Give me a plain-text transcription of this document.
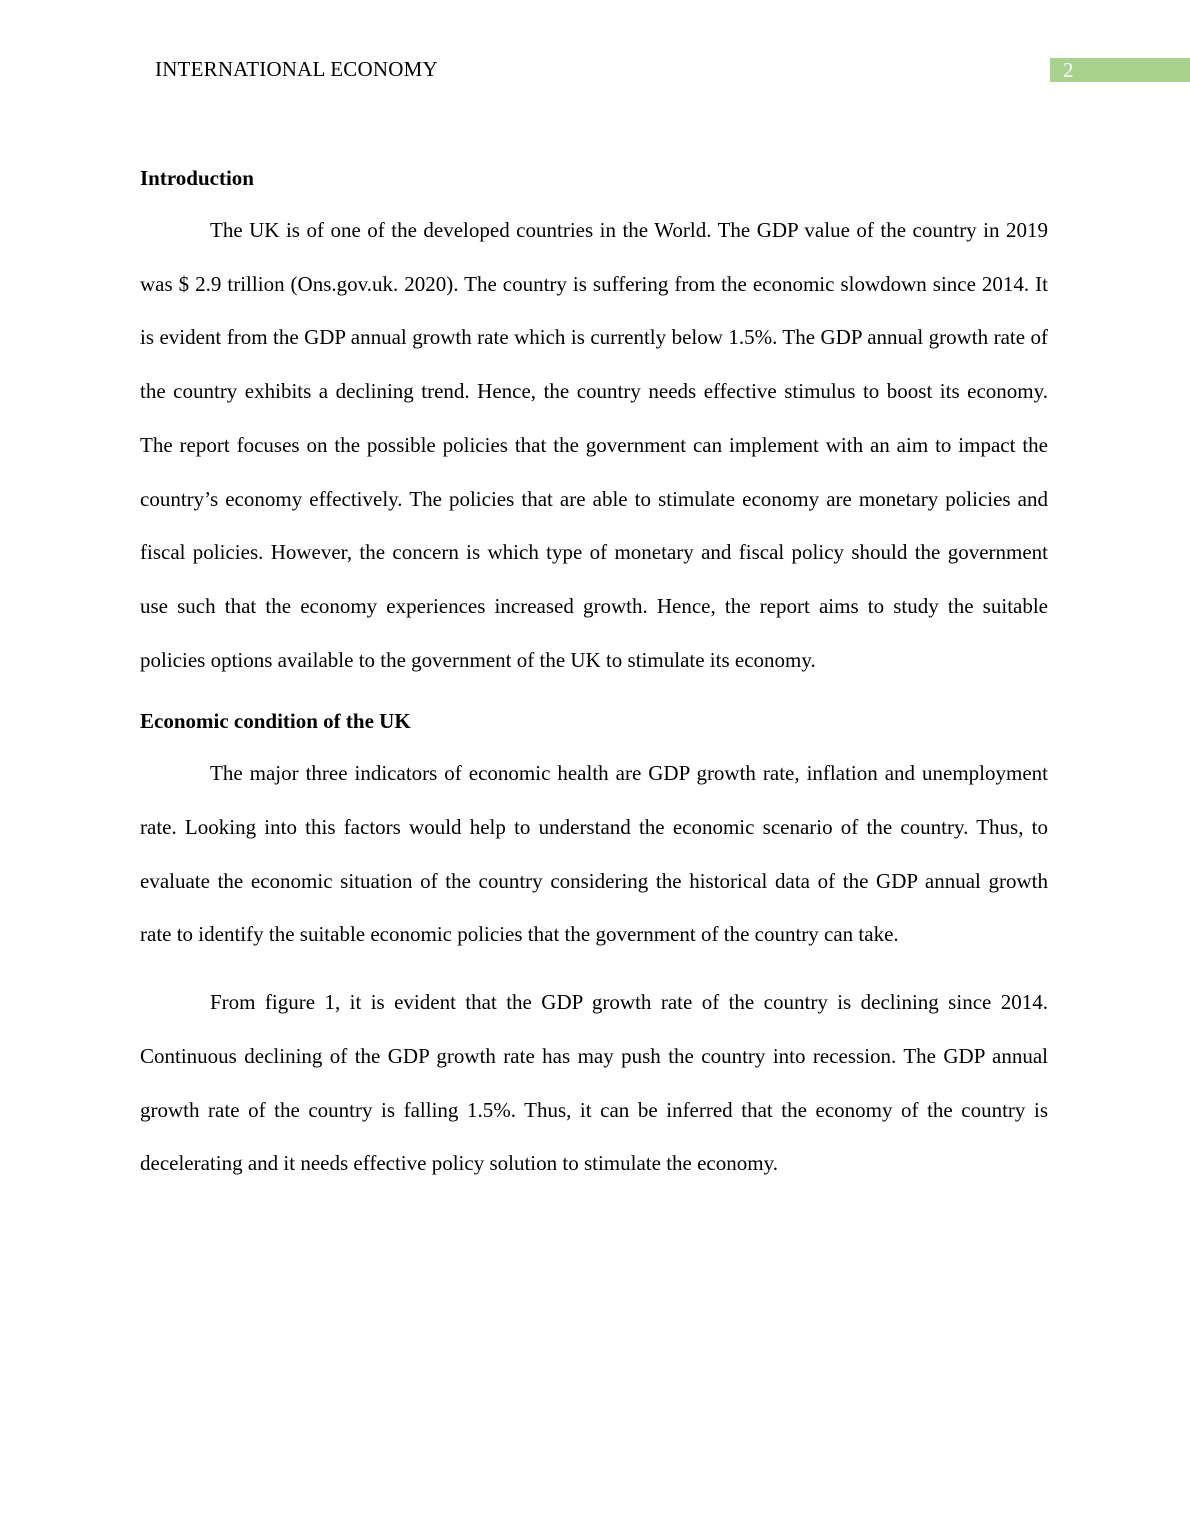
INTERNATIONAL ECONOMY	2
Introduction

The UK is of one of the developed countries in the World. The GDP value of the country in 2019 was $ 2.9 trillion (Ons.gov.uk. 2020). The country is suffering from the economic slowdown since 2014. It is evident from the GDP annual growth rate which is currently below 1.5%. The GDP annual growth rate of the country exhibits a declining trend. Hence, the country needs effective stimulus to boost its economy. The report focuses on the possible policies that the government can implement with an aim to impact the country’s economy effectively. The policies that are able to stimulate economy are monetary policies and fiscal policies. However, the concern is which type of monetary and fiscal policy should the government use such that the economy experiences increased growth. Hence, the report aims to study the suitable policies options available to the government of the UK to stimulate its economy.

Economic condition of the UK

The major three indicators of economic health are GDP growth rate, inflation and unemployment rate. Looking into this factors would help to understand the economic scenario of the country. Thus, to evaluate the economic situation of the country considering the historical data of the GDP annual growth rate to identify the suitable economic policies that the government of the country can take.

From figure 1, it is evident that the GDP growth rate of the country is declining since 2014. Continuous declining of the GDP growth rate has may push the country into recession. The GDP annual growth rate of the country is falling 1.5%. Thus, it can be inferred that the economy of the country is decelerating and it needs effective policy solution to stimulate the economy.
